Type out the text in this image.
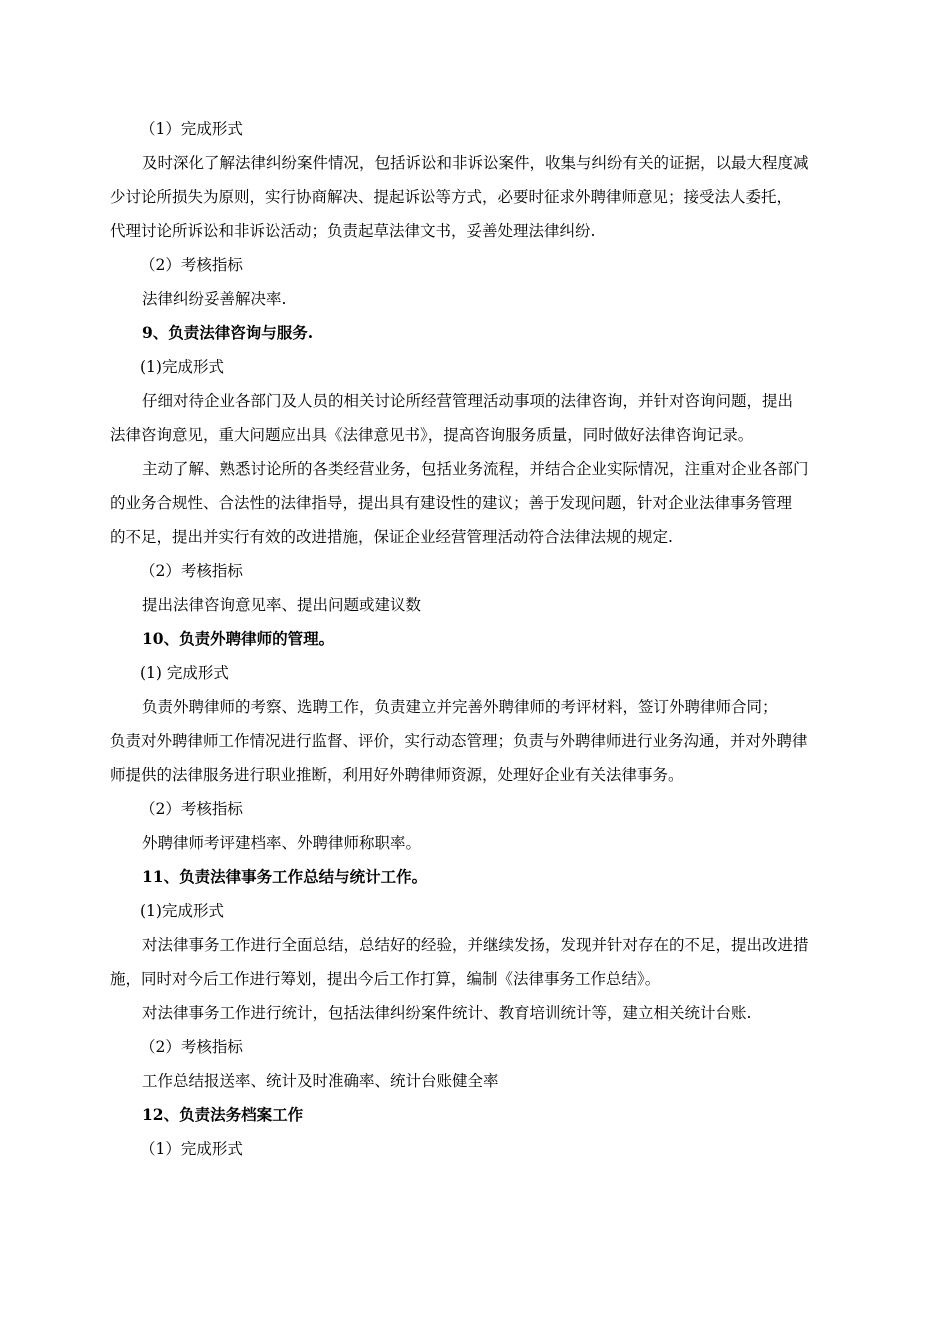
（1）完成形式
及时深化了解法律纠纷案件情况，包括诉讼和非诉讼案件，收集与纠纷有关的证据，以最大程度减
少讨论所损失为原则，实行协商解决、提起诉讼等方式，必要时征求外聘律师意见；接受法人委托，
代理讨论所诉讼和非诉讼活动；负责起草法律文书，妥善处理法律纠纷.
（2）考核指标
法律纠纷妥善解决率.
9、负责法律咨询与服务.
(1)完成形式
仔细对待企业各部门及人员的相关讨论所经营管理活动事项的法律咨询，并针对咨询问题，提出
法律咨询意见，重大问题应出具《法律意见书》，提高咨询服务质量，同时做好法律咨询记录。
主动了解、熟悉讨论所的各类经营业务，包括业务流程，并结合企业实际情况，注重对企业各部门
的业务合规性、合法性的法律指导，提出具有建设性的建议；善于发现问题，针对企业法律事务管理
的不足，提出并实行有效的改进措施，保证企业经营管理活动符合法律法规的规定.
（2）考核指标
提出法律咨询意见率、提出问题或建议数
10、负责外聘律师的管理。
(1) 完成形式
负责外聘律师的考察、选聘工作，负责建立并完善外聘律师的考评材料，签订外聘律师合同；
负责对外聘律师工作情况进行监督、评价，实行动态管理；负责与外聘律师进行业务沟通，并对外聘律
师提供的法律服务进行职业推断，利用好外聘律师资源，处理好企业有关法律事务。
（2）考核指标
外聘律师考评建档率、外聘律师称职率。
11、负责法律事务工作总结与统计工作。
(1)完成形式
对法律事务工作进行全面总结，总结好的经验，并继续发扬，发现并针对存在的不足，提出改进措
施，同时对今后工作进行筹划，提出今后工作打算，编制《法律事务工作总结》。
对法律事务工作进行统计，包括法律纠纷案件统计、教育培训统计等，建立相关统计台账.
（2）考核指标
工作总结报送率、统计及时准确率、统计台账健全率
12、负责法务档案工作
（1）完成形式
